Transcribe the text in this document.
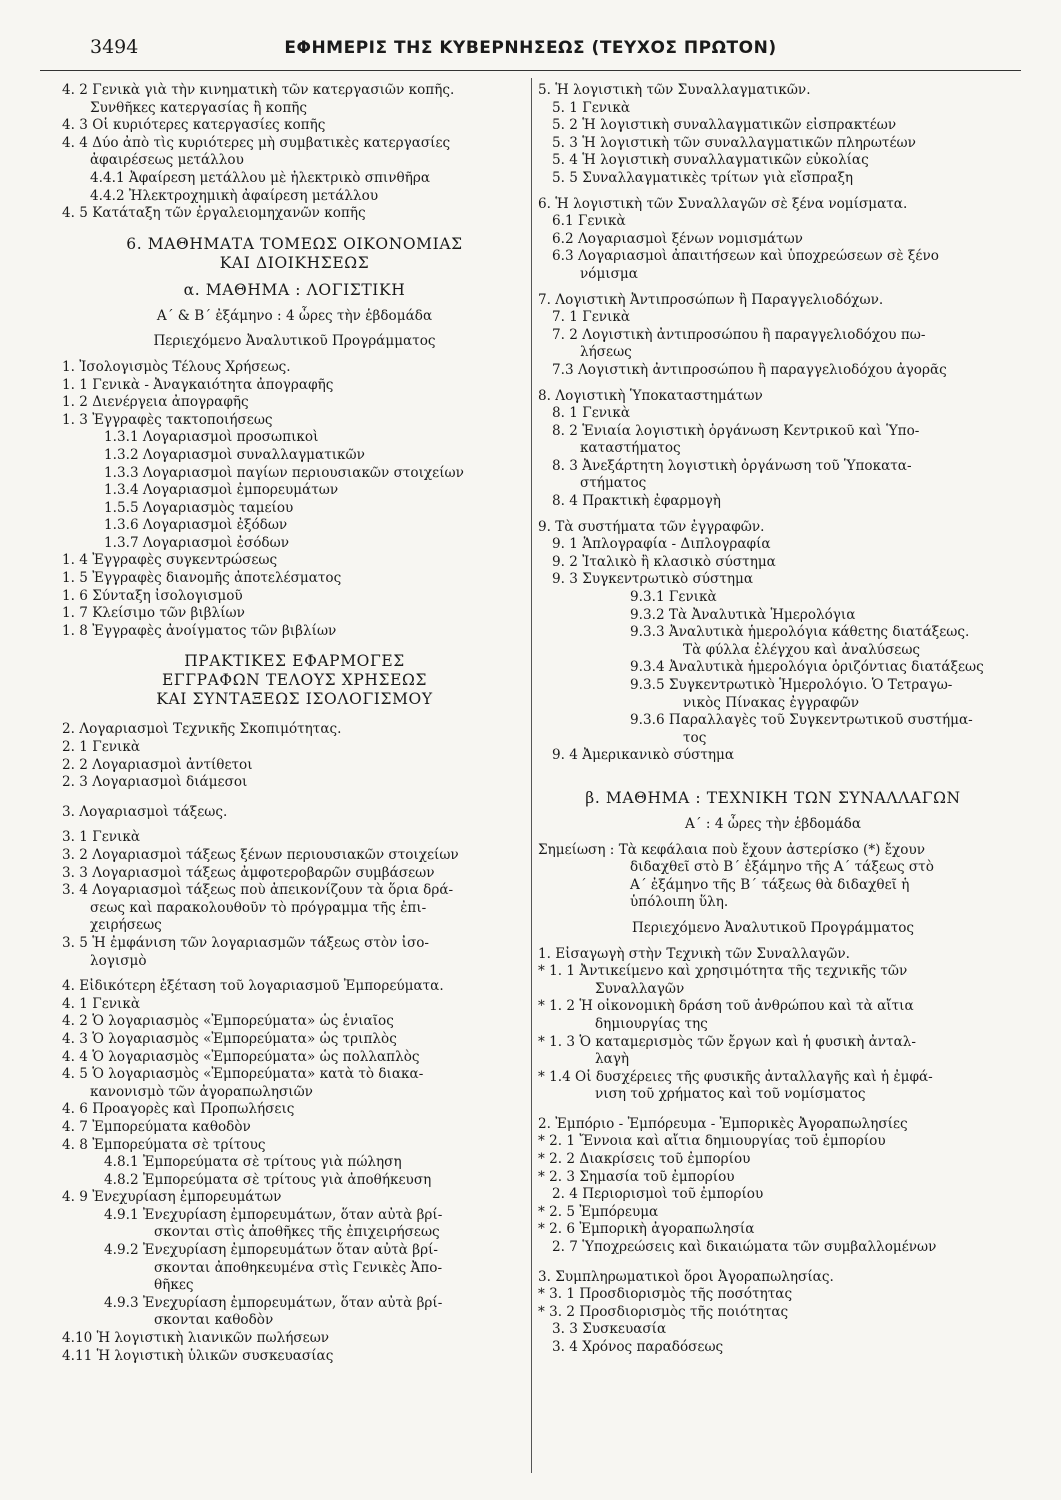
3494	ΕΦΗΜΕΡΙΣ ΤΗΣ ΚΥΒΕΡΝΗΣΕΩΣ (ΤΕΥΧΟΣ ΠΡΩΤΟΝ)
4. 2 Γενικὰ γιὰ τὴν κινηματικὴ τῶν κατεργασιῶν κοπῆς.
Συνθῆκες κατεργασίας ἢ κοπῆς
4. 3 Οἱ κυριότερες κατεργασίες κοπῆς
4. 4 Δύο ἀπὸ τὶς κυριότερες μὴ συμβατικὲς κατεργασίες
ἀφαιρέσεως μετάλλου
4.4.1 Ἀφαίρεση μετάλλου μὲ ἠλεκτρικὸ σπινθῆρα
4.4.2 Ἠλεκτροχημικὴ ἀφαίρεση μετάλλου
4. 5 Κατάταξη τῶν ἐργαλειομηχανῶν κοπῆς
6. ΜΑΘΗΜΑΤΑ ΤΟΜΕΩΣ ΟΙΚΟΝΟΜΙΑΣ
ΚΑΙ ΔΙΟΙΚΗΣΕΩΣ
α. ΜΑΘΗΜΑ : ΛΟΓΙΣΤΙΚΗ
Α΄ & Β΄ ἐξάμηνο : 4 ὧρες τὴν ἑβδομάδα
Περιεχόμενο Ἀναλυτικοῦ Προγράμματος
1. Ἰσολογισμὸς Τέλους Χρήσεως.
1. 1 Γενικὰ - Ἀναγκαιότητα ἀπογραφῆς
1. 2 Διενέργεια ἀπογραφῆς
1. 3 Ἐγγραφὲς τακτοποιήσεως
1.3.1 Λογαριασμοὶ προσωπικοὶ
1.3.2 Λογαριασμοὶ συναλλαγματικῶν
1.3.3 Λογαριασμοὶ παγίων περιουσιακῶν στοιχείων
1.3.4 Λογαριασμοὶ ἐμπορευμάτων
1.5.5 Λογαριασμὸς ταμείου
1.3.6 Λογαριασμοὶ ἐξόδων
1.3.7 Λογαριασμοὶ ἐσόδων
1. 4 Ἐγγραφὲς συγκεντρώσεως
1. 5 Ἐγγραφὲς διανομῆς ἀποτελέσματος
1. 6 Σύνταξη ἰσολογισμοῦ
1. 7 Κλείσιμο τῶν βιβλίων
1. 8 Ἐγγραφὲς ἀνοίγματος τῶν βιβλίων
ΠΡΑΚΤΙΚΕΣ ΕΦΑΡΜΟΓΕΣ
ΕΓΓΡΑΦΩΝ ΤΕΛΟΥΣ ΧΡΗΣΕΩΣ
ΚΑΙ ΣΥΝΤΑΞΕΩΣ ΙΣΟΛΟΓΙΣΜΟΥ
2. Λογαριασμοὶ Τεχνικῆς Σκοπιμότητας.
2. 1 Γενικὰ
2. 2 Λογαριασμοὶ ἀντίθετοι
2. 3 Λογαριασμοὶ διάμεσοι
3. Λογαριασμοὶ τάξεως.
3. 1 Γενικὰ
3. 2 Λογαριασμοὶ τάξεως ξένων περιουσιακῶν στοιχείων
3. 3 Λογαριασμοὶ τάξεως ἀμφοτεροβαρῶν συμβάσεων
3. 4 Λογαριασμοὶ τάξεως ποὺ ἀπεικονίζουν τὰ ὅρια δρά-
σεως καὶ παρακολουθοῦν τὸ πρόγραμμα τῆς ἐπι-
χειρήσεως
3. 5 Ἡ ἐμφάνιση τῶν λογαριασμῶν τάξεως στὸν ἰσο-
λογισμὸ
4. Εἰδικότερη ἐξέταση τοῦ λογαριασμοῦ Ἐμπορεύματα.
4. 1 Γενικὰ
4. 2 Ὁ λογαριασμὸς «Ἐμπορεύματα» ὡς ἑνιαῖος
4. 3 Ὁ λογαριασμὸς «Ἐμπορεύματα» ὡς τριπλὸς
4. 4 Ὁ λογαριασμὸς «Ἐμπορεύματα» ὡς πολλαπλὸς
4. 5 Ὁ λογαριασμὸς «Ἐμπορεύματα» κατὰ τὸ διακα-
κανονισμὸ τῶν ἀγοραπωλησιῶν
4. 6 Προαγορὲς καὶ Προπωλήσεις
4. 7 Ἐμπορεύματα καθοδὸν
4. 8 Ἐμπορεύματα σὲ τρίτους
4.8.1 Ἐμπορεύματα σὲ τρίτους γιὰ πώληση
4.8.2 Ἐμπορεύματα σὲ τρίτους γιὰ ἀποθήκευση
4. 9 Ἐνεχυρίαση ἐμπορευμάτων
4.9.1 Ἐνεχυρίαση ἐμπορευμάτων, ὅταν αὐτὰ βρί-
σκονται στὶς ἀποθῆκες τῆς ἐπιχειρήσεως
4.9.2 Ἐνεχυρίαση ἐμπορευμάτων ὅταν αὐτὰ βρί-
σκονται ἀποθηκευμένα στὶς Γενικὲς Ἀπο-
θῆκες
4.9.3 Ἐνεχυρίαση ἐμπορευμάτων, ὅταν αὐτὰ βρί-
σκονται καθοδὸν
4.10 Ἡ λογιστικὴ λιανικῶν πωλήσεων
4.11 Ἡ λογιστικὴ ὑλικῶν συσκευασίας
5. Ἡ λογιστικὴ τῶν Συναλλαγματικῶν.
5. 1 Γενικὰ
5. 2 Ἡ λογιστικὴ συναλλαγματικῶν εἰσπρακτέων
5. 3 Ἡ λογιστικὴ τῶν συναλλαγματικῶν πληρωτέων
5. 4 Ἡ λογιστικὴ συναλλαγματικῶν εὐκολίας
5. 5 Συναλλαγματικὲς τρίτων γιὰ εἴσπραξη
6. Ἡ λογιστικὴ τῶν Συναλλαγῶν σὲ ξένα νομίσματα.
6.1 Γενικὰ
6.2 Λογαριασμοὶ ξένων νομισμάτων
6.3 Λογαριασμοὶ ἀπαιτήσεων καὶ ὑποχρεώσεων σὲ ξένο
νόμισμα
7. Λογιστικὴ Ἀντιπροσώπων ἢ Παραγγελιοδόχων.
7. 1 Γενικὰ
7. 2 Λογιστικὴ ἀντιπροσώπου ἢ παραγγελιοδόχου πω-
λήσεως
7.3 Λογιστικὴ ἀντιπροσώπου ἢ παραγγελιοδόχου ἀγορᾶς
8. Λογιστικὴ Ὑποκαταστημάτων
8. 1 Γενικὰ
8. 2 Ἑνιαία λογιστικὴ ὀργάνωση Κεντρικοῦ καὶ Ὑπο-
καταστήματος
8. 3 Ἀνεξάρτητη λογιστικὴ ὀργάνωση τοῦ Ὑποκατα-
στήματος
8. 4 Πρακτικὴ ἐφαρμογὴ
9. Τὰ συστήματα τῶν ἐγγραφῶν.
9. 1 Ἁπλογραφία - Διπλογραφία
9. 2 Ἰταλικὸ ἢ κλασικὸ σύστημα
9. 3 Συγκεντρωτικὸ σύστημα
9.3.1 Γενικὰ
9.3.2 Τὰ Ἀναλυτικὰ Ἡμερολόγια
9.3.3 Ἀναλυτικὰ ἡμερολόγια κάθετης διατάξεως.
Τὰ φύλλα ἐλέγχου καὶ ἀναλύσεως
9.3.4 Ἀναλυτικὰ ἡμερολόγια ὁριζόντιας διατάξεως
9.3.5 Συγκεντρωτικὸ Ἡμερολόγιο. Ὁ Τετραγω-
νικὸς Πίνακας ἐγγραφῶν
9.3.6 Παραλλαγὲς τοῦ Συγκεντρωτικοῦ συστήμα-
τος
9. 4 Ἀμερικανικὸ σύστημα
β. ΜΑΘΗΜΑ : ΤΕΧΝΙΚΗ ΤΩΝ ΣΥΝΑΛΛΑΓΩΝ
Α΄ : 4 ὧρες τὴν ἑβδομάδα
Σημείωση : Τὰ κεφάλαια ποὺ ἔχουν ἀστερίσκο (*) ἔχουν
διδαχθεῖ στὸ Β΄ ἐξάμηνο τῆς Α΄ τάξεως στὸ
Α΄ ἐξάμηνο τῆς Β΄ τάξεως θὰ διδαχθεῖ ἡ
ὑπόλοιπη ὕλη.
Περιεχόμενο Ἀναλυτικοῦ Προγράμματος
1. Εἰσαγωγὴ στὴν Τεχνικὴ τῶν Συναλλαγῶν.
* 1. 1 Ἀντικείμενο καὶ χρησιμότητα τῆς τεχνικῆς τῶν
Συναλλαγῶν
* 1. 2 Ἡ οἰκονομικὴ δράση τοῦ ἀνθρώπου καὶ τὰ αἴτια
δημιουργίας της
* 1. 3 Ὁ καταμερισμὸς τῶν ἔργων καὶ ἡ φυσικὴ ἀνταλ-
λαγὴ
* 1.4 Οἱ δυσχέρειες τῆς φυσικῆς ἀνταλλαγῆς καὶ ἡ ἐμφά-
νιση τοῦ χρήματος καὶ τοῦ νομίσματος
2. Ἐμπόριο - Ἐμπόρευμα - Ἐμπορικὲς Ἀγοραπωλησίες
* 2. 1 Ἔννοια καὶ αἴτια δημιουργίας τοῦ ἐμπορίου
* 2. 2 Διακρίσεις τοῦ ἐμπορίου
* 2. 3 Σημασία τοῦ ἐμπορίου
2. 4 Περιορισμοὶ τοῦ ἐμπορίου
* 2. 5 Ἐμπόρευμα
* 2. 6 Ἐμπορικὴ ἀγοραπωλησία
2. 7 Ὑποχρεώσεις καὶ δικαιώματα τῶν συμβαλλομένων
3. Συμπληρωματικοὶ ὅροι Ἀγοραπωλησίας.
* 3. 1 Προσδιορισμὸς τῆς ποσότητας
* 3. 2 Προσδιορισμὸς τῆς ποιότητας
3. 3 Συσκευασία
3. 4 Χρόνος παραδόσεως
